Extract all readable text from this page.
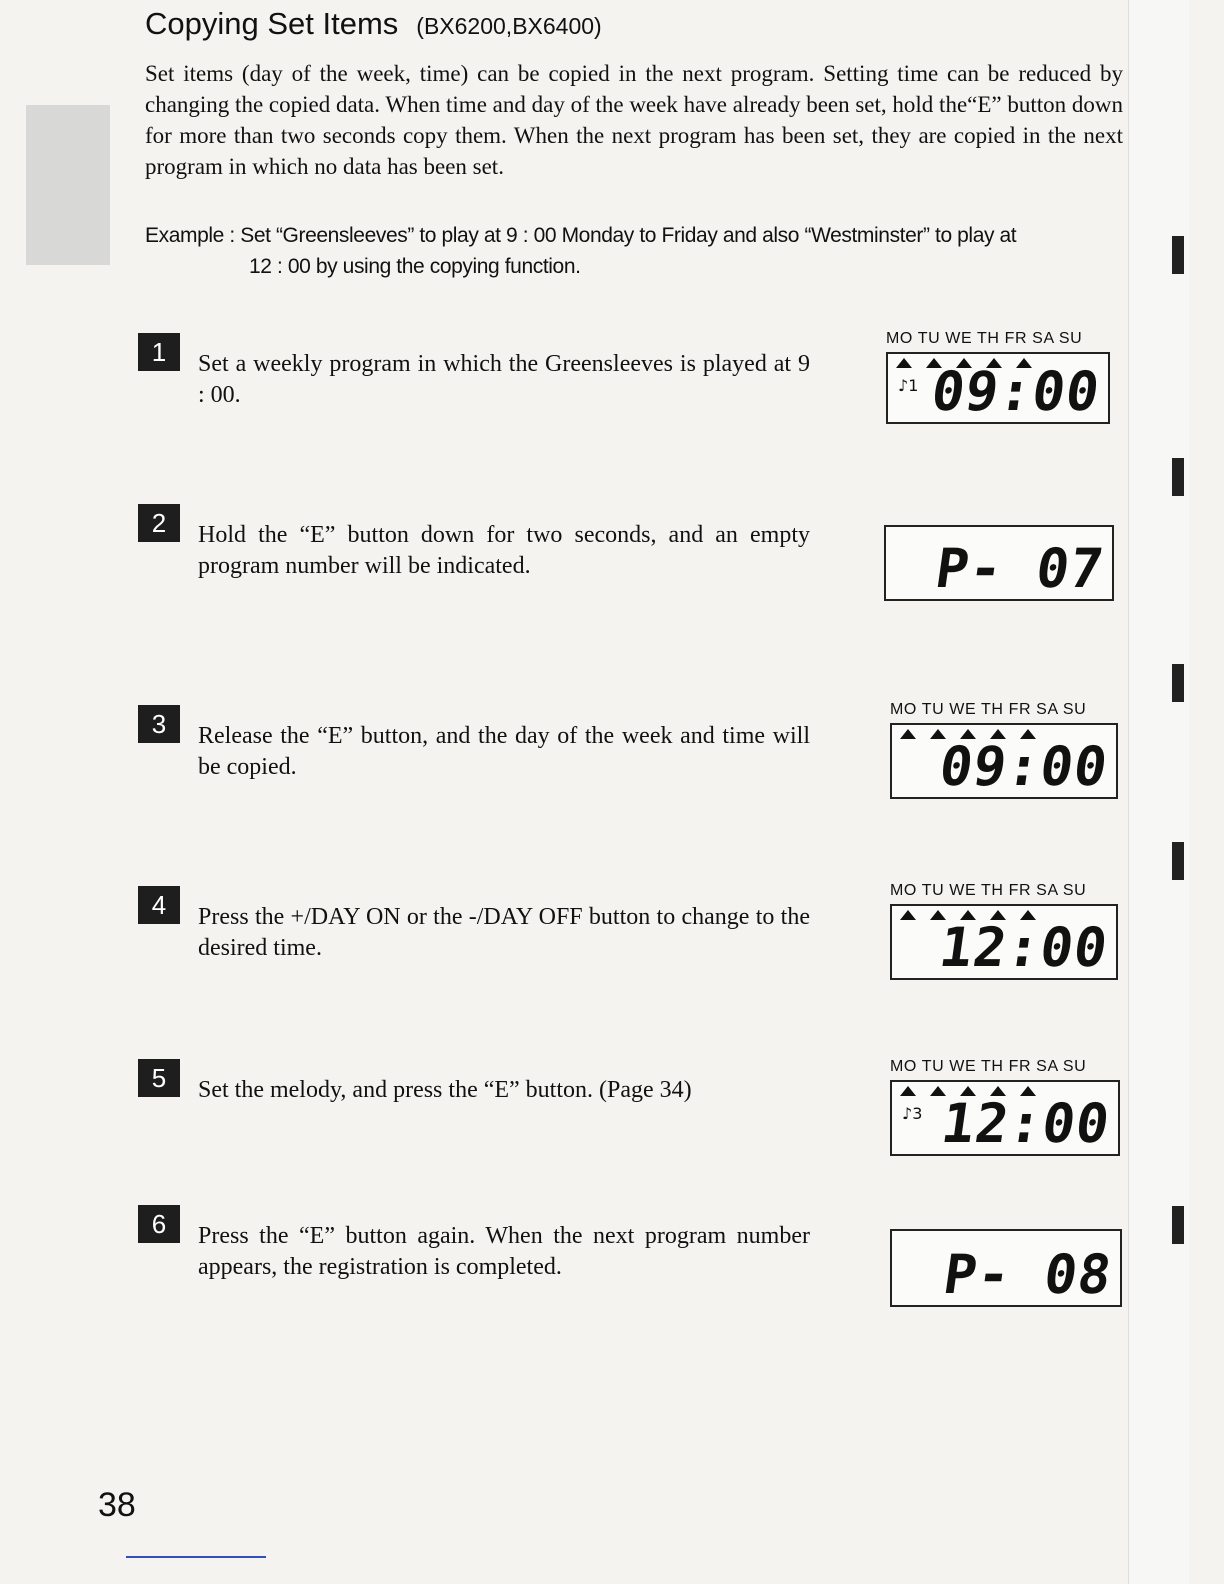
Copying Set Items (BX6200,BX6400)
Set items (day of the week, time) can be copied in the next program. Setting time can be reduced by changing the copied data. When time and day of the week have already been set, hold the“E” button down for more than two seconds copy them. When the next program has been set, they are copied in the next program in which no data has been set.
Example : Set “Greensleeves” to play at 9 : 00 Monday to Friday and also “Westminster” to play at
12 : 00 by using the copying function.
1	Set a weekly program in which the Greensleeves is played at 9 : 00.
MO TU WE TH FR SA SU
♪1 09:00
2	Hold the “E” button down for two seconds, and an empty program number will be indicated.	P- 07
3	Release the “E” button, and the day of the week and time will be copied.
MO TU WE TH FR SA SU
09:00
4	Press the +/DAY ON or the -/DAY OFF button to change to the desired time.
MO TU WE TH FR SA SU
12:00
5	Set the melody, and press the “E” button. (Page 34)
MO TU WE TH FR SA SU
♪3 12:00
6	Press the “E” button again. When the next program number appears, the registration is completed.	P- 08
38
